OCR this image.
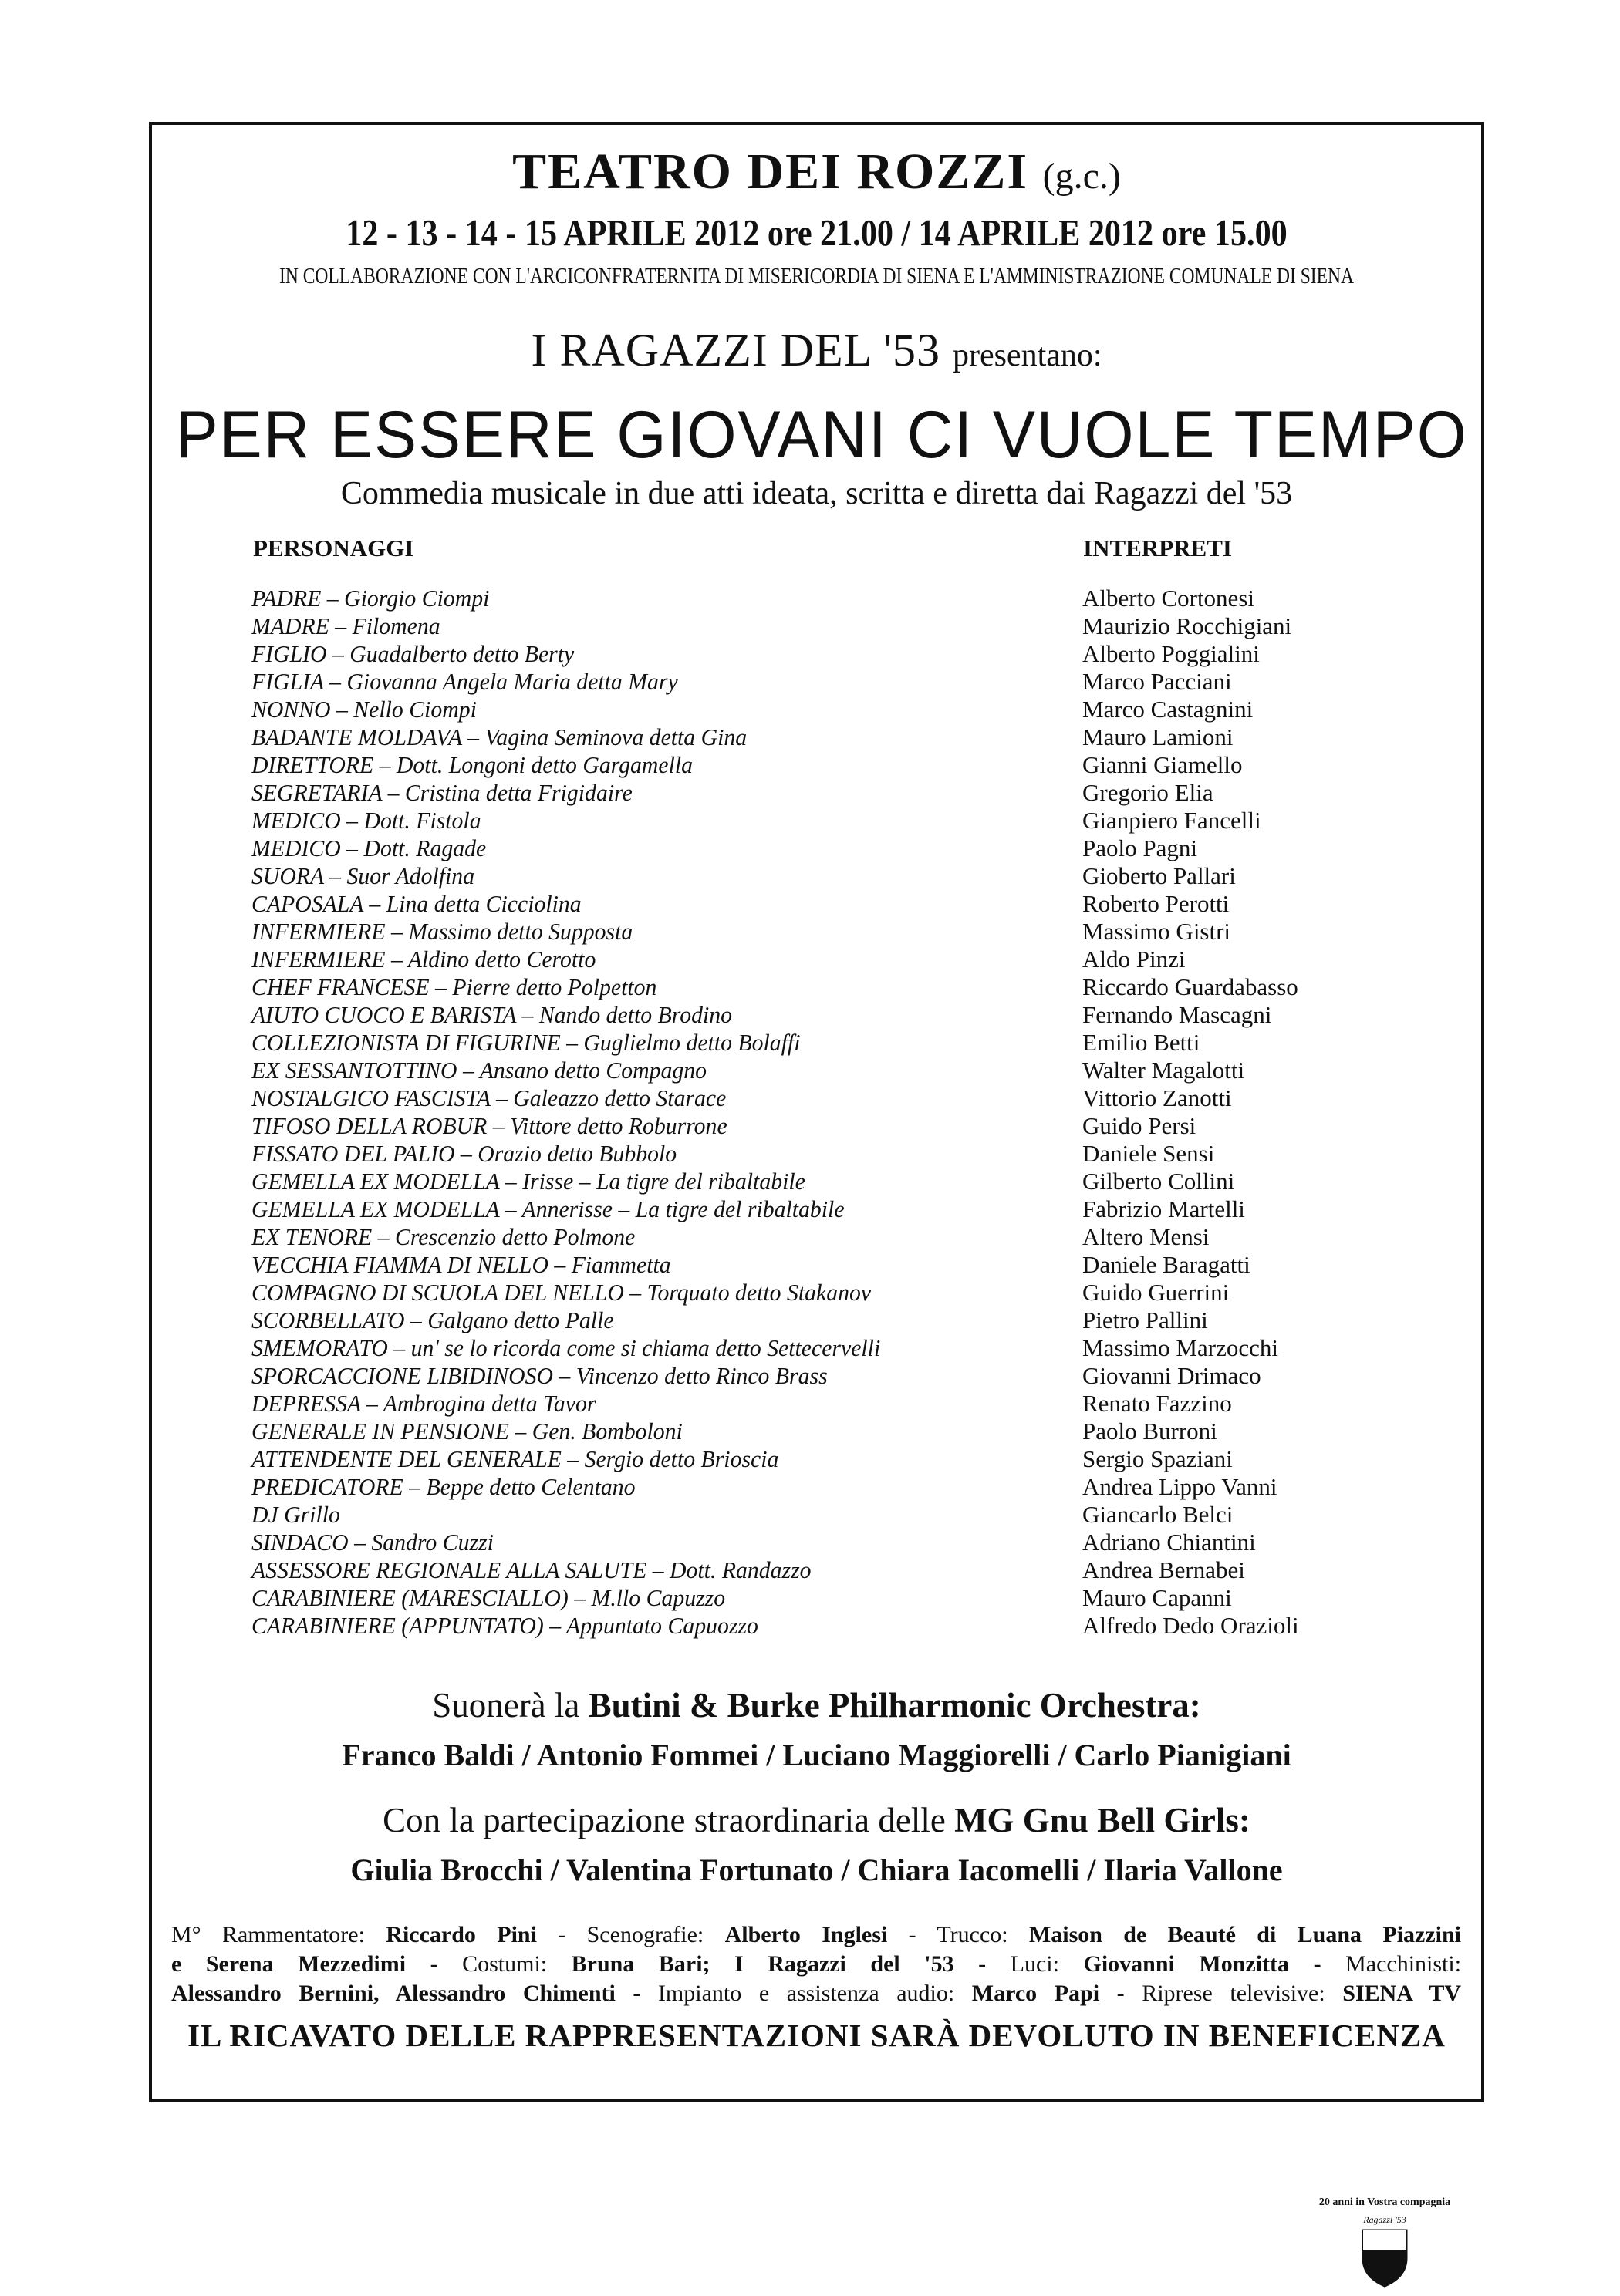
TEATRO DEI ROZZI (g.c.)
12 - 13 - 14 - 15 APRILE 2012 ore 21.00 / 14 APRILE 2012 ore 15.00
IN COLLABORAZIONE CON L'ARCICONFRATERNITA DI MISERICORDIA DI SIENA E L'AMMINISTRAZIONE COMUNALE DI SIENA
I RAGAZZI DEL '53 presentano:
PER ESSERE GIOVANI CI VUOLE TEMPO
Commedia musicale in due atti ideata, scritta e diretta dai Ragazzi del '53
PERSONAGGI	INTERPRETI
PADRE – Giorgio Ciompi
MADRE – Filomena
FIGLIO – Guadalberto detto Berty
FIGLIA – Giovanna Angela Maria detta Mary
NONNO – Nello Ciompi
BADANTE MOLDAVA – Vagina Seminova detta Gina
DIRETTORE – Dott. Longoni detto Gargamella
SEGRETARIA – Cristina detta Frigidaire
MEDICO – Dott. Fistola
MEDICO – Dott. Ragade
SUORA – Suor Adolfina
CAPOSALA – Lina detta Cicciolina
INFERMIERE – Massimo detto Supposta
INFERMIERE – Aldino detto Cerotto
CHEF FRANCESE – Pierre detto Polpetton
AIUTO CUOCO E BARISTA – Nando detto Brodino
COLLEZIONISTA DI FIGURINE – Guglielmo detto Bolaffi
EX SESSANTOTTINO – Ansano detto Compagno
NOSTALGICO FASCISTA – Galeazzo detto Starace
TIFOSO DELLA ROBUR – Vittore detto Roburrone
FISSATO DEL PALIO – Orazio detto Bubbolo
GEMELLA EX MODELLA – Irisse – La tigre del ribaltabile
GEMELLA EX MODELLA – Annerisse – La tigre del ribaltabile
EX TENORE – Crescenzio detto Polmone
VECCHIA FIAMMA DI NELLO – Fiammetta
COMPAGNO DI SCUOLA DEL NELLO – Torquato detto Stakanov
SCORBELLATO – Galgano detto Palle
SMEMORATO – un' se lo ricorda come si chiama detto Settecervelli
SPORCACCIONE LIBIDINOSO – Vincenzo detto Rinco Brass
DEPRESSA – Ambrogina detta Tavor
GENERALE IN PENSIONE – Gen. Bomboloni
ATTENDENTE DEL GENERALE – Sergio detto Brioscia
PREDICATORE – Beppe detto Celentano
DJ Grillo
SINDACO – Sandro Cuzzi
ASSESSORE REGIONALE ALLA SALUTE – Dott. Randazzo
CARABINIERE (MARESCIALLO) – M.llo Capuzzo
CARABINIERE (APPUNTATO) – Appuntato Capuozzo
Alberto Cortonesi
Maurizio Rocchigiani
Alberto Poggialini
Marco Pacciani
Marco Castagnini
Mauro Lamioni
Gianni Giamello
Gregorio Elia
Gianpiero Fancelli
Paolo Pagni
Gioberto Pallari
Roberto Perotti
Massimo Gistri
Aldo Pinzi
Riccardo Guardabasso
Fernando Mascagni
Emilio Betti
Walter Magalotti
Vittorio Zanotti
Guido Persi
Daniele Sensi
Gilberto Collini
Fabrizio Martelli
Altero Mensi
Daniele Baragatti
Guido Guerrini
Pietro Pallini
Massimo Marzocchi
Giovanni Drimaco
Renato Fazzino
Paolo Burroni
Sergio Spaziani
Andrea Lippo Vanni
Giancarlo Belci
Adriano Chiantini
Andrea Bernabei
Mauro Capanni
Alfredo Dedo Orazioli
Suonerà la Butini & Burke Philharmonic Orchestra:
Franco Baldi / Antonio Fommei / Luciano Maggiorelli / Carlo Pianigiani
Con la partecipazione straordinaria delle MG Gnu Bell Girls:
Giulia Brocchi / Valentina Fortunato / Chiara Iacomelli / Ilaria Vallone
M° Rammentatore: Riccardo Pini - Scenografie: Alberto Inglesi - Trucco: Maison de Beauté di Luana Piazzini
e Serena Mezzedimi - Costumi: Bruna Bari; I Ragazzi del '53 - Luci: Giovanni Monzitta - Macchinisti:
Alessandro Bernini, Alessandro Chimenti - Impianto e assistenza audio: Marco Papi - Riprese televisive: SIENA TV
IL RICAVATO DELLE RAPPRESENTAZIONI SARÀ DEVOLUTO IN BENEFICENZA
20 anni in Vostra compagnia
Ragazzi '53
